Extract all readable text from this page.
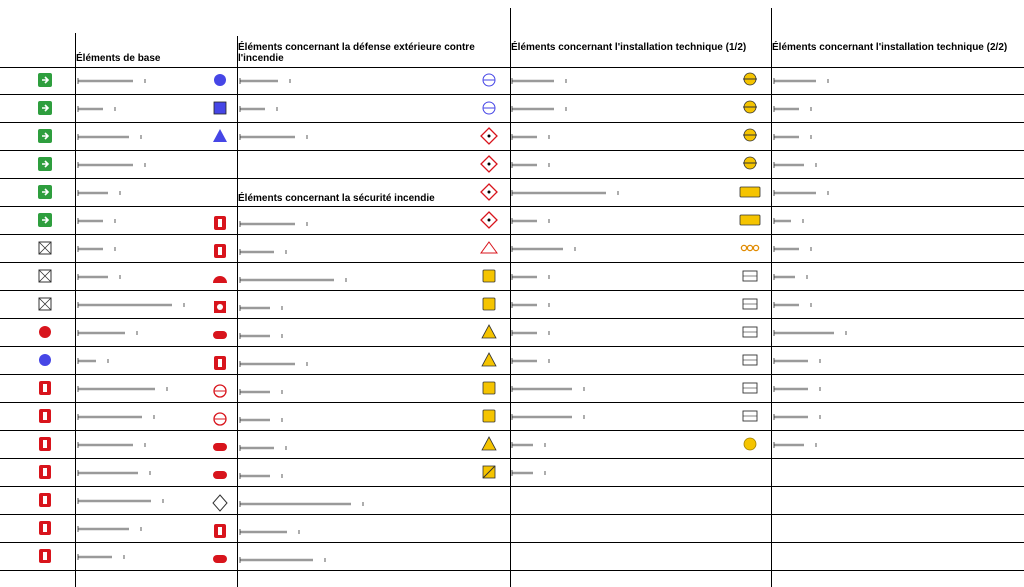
Éléments de base
Éléments concernant la défense extérieure contre l'incendie
Éléments concernant la sécurité incendie
Éléments concernant l'installation technique (1/2)	Éléments concernant l'installation technique (2/2)
